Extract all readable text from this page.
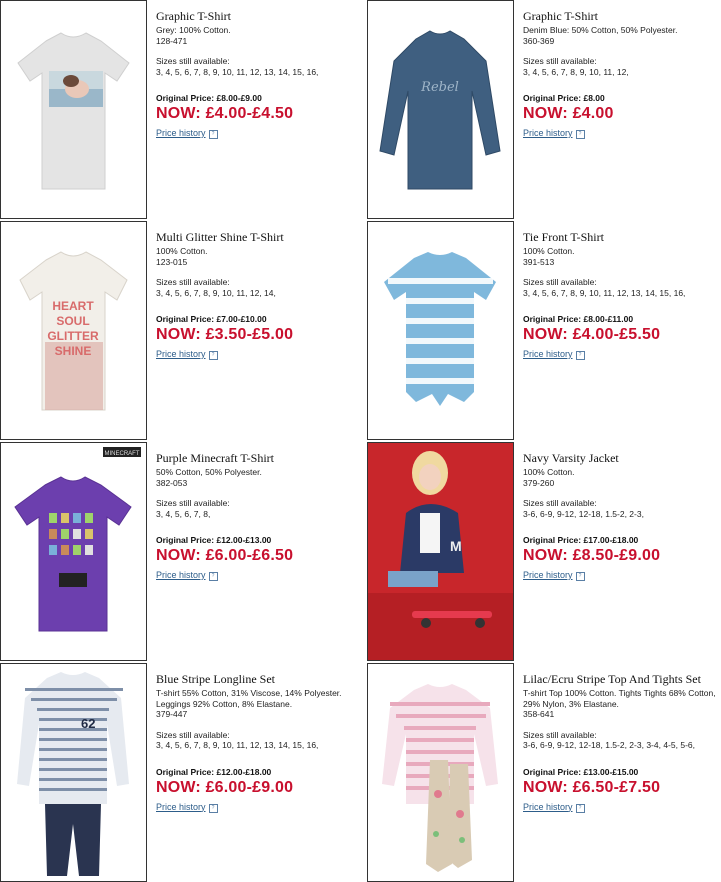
Graphic T-Shirt
Grey: 100% Cotton.
128-471
Sizes still available:
3, 4, 5, 6, 7, 8, 9, 10, 11, 12, 13, 14, 15, 16,
Original Price: £8.00-£9.00
NOW: £4.00-£4.50
Price history ?
Rebel
Graphic T-Shirt
Denim Blue: 50% Cotton, 50% Polyester.
360-369
Sizes still available:
3, 4, 5, 6, 7, 8, 9, 10, 11, 12,
Original Price: £8.00
NOW: £4.00
Price history ?
HEART
SOUL
GLITTER
SHINE
Multi Glitter Shine T-Shirt
100% Cotton.
123-015
Sizes still available:
3, 4, 5, 6, 7, 8, 9, 10, 11, 12, 14,
Original Price: £7.00-£10.00
NOW: £3.50-£5.00
Price history ?
Tie Front T-Shirt
100% Cotton.
391-513
Sizes still available:
3, 4, 5, 6, 7, 8, 9, 10, 11, 12, 13, 14, 15, 16,
Original Price: £8.00-£11.00
NOW: £4.00-£5.50
Price history ?
MINECRAFT Purple Minecraft T-Shirt
50% Cotton, 50% Polyester.
382-053
Sizes still available:
3, 4, 5, 6, 7, 8,
Original Price: £12.00-£13.00
NOW: £6.00-£6.50
Price history ?
M
Navy Varsity Jacket
100% Cotton.
379-260
Sizes still available:
3-6, 6-9, 9-12, 12-18, 1.5-2, 2-3,
Original Price: £17.00-£18.00
NOW: £8.50-£9.00
Price history ?
62
Blue Stripe Longline Set
T-shirt 55% Cotton, 31% Viscose, 14% Polyester. Leggings 92% Cotton, 8% Elastane.
379-447
Sizes still available:
3, 4, 5, 6, 7, 8, 9, 10, 11, 12, 13, 14, 15, 16,
Original Price: £12.00-£18.00
NOW: £6.00-£9.00
Price history ?
Lilac/Ecru Stripe Top And Tights Set
T-shirt Top 100% Cotton. Tights Tights 68% Cotton, 29% Nylon, 3% Elastane.
358-641
Sizes still available:
3-6, 6-9, 9-12, 12-18, 1.5-2, 2-3, 3-4, 4-5, 5-6,
Original Price: £13.00-£15.00
NOW: £6.50-£7.50
Price history ?
